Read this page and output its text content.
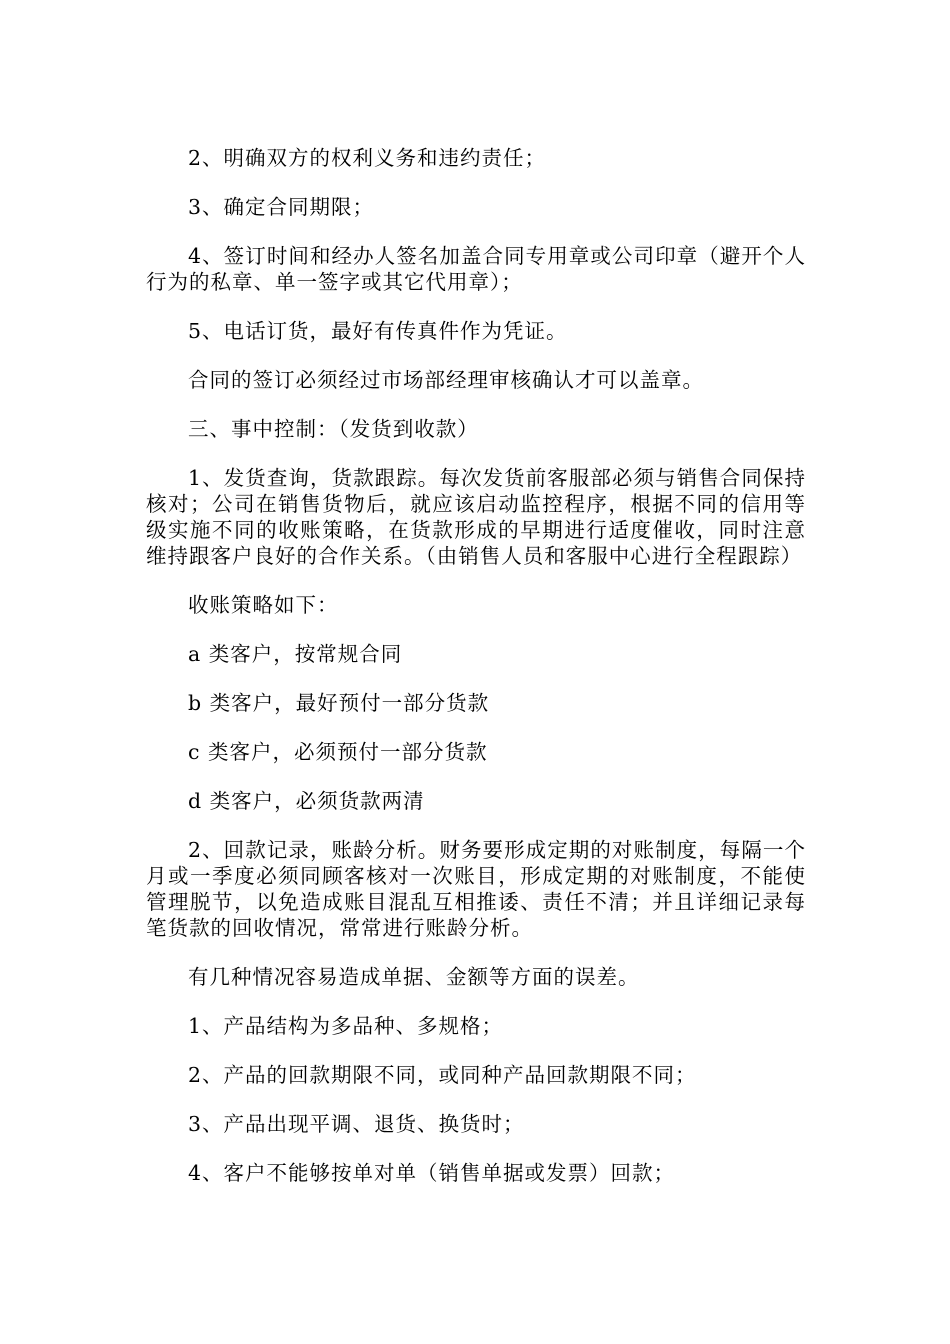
2、明确双方的权利义务和违约责任；

3、确定合同期限；

4、签订时间和经办人签名加盖合同专用章或公司印章（避开个人行为的私章、单一签字或其它代用章）；

5、电话订货，最好有传真件作为凭证。

合同的签订必须经过市场部经理审核确认才可以盖章。

三、事中控制：（发货到收款）

1、发货查询，货款跟踪。每次发货前客服部必须与销售合同保持核对；公司在销售货物后，就应该启动监控程序，根据不同的信用等级实施不同的收账策略，在货款形成的早期进行适度催收，同时注意维持跟客户良好的合作关系。（由销售人员和客服中心进行全程跟踪）

收账策略如下：

a 类客户，按常规合同

b 类客户，最好预付一部分货款

c 类客户，必须预付一部分货款

d 类客户，必须货款两清

2、回款记录，账龄分析。财务要形成定期的对账制度，每隔一个月或一季度必须同顾客核对一次账目，形成定期的对账制度，不能使管理脱节，以免造成账目混乱互相推诿、责任不清；并且详细记录每笔货款的回收情况，常常进行账龄分析。

有几种情况容易造成单据、金额等方面的误差。

1、产品结构为多品种、多规格；

2、产品的回款期限不同，或同种产品回款期限不同；

3、产品出现平调、退货、换货时；

4、客户不能够按单对单（销售单据或发票）回款；
